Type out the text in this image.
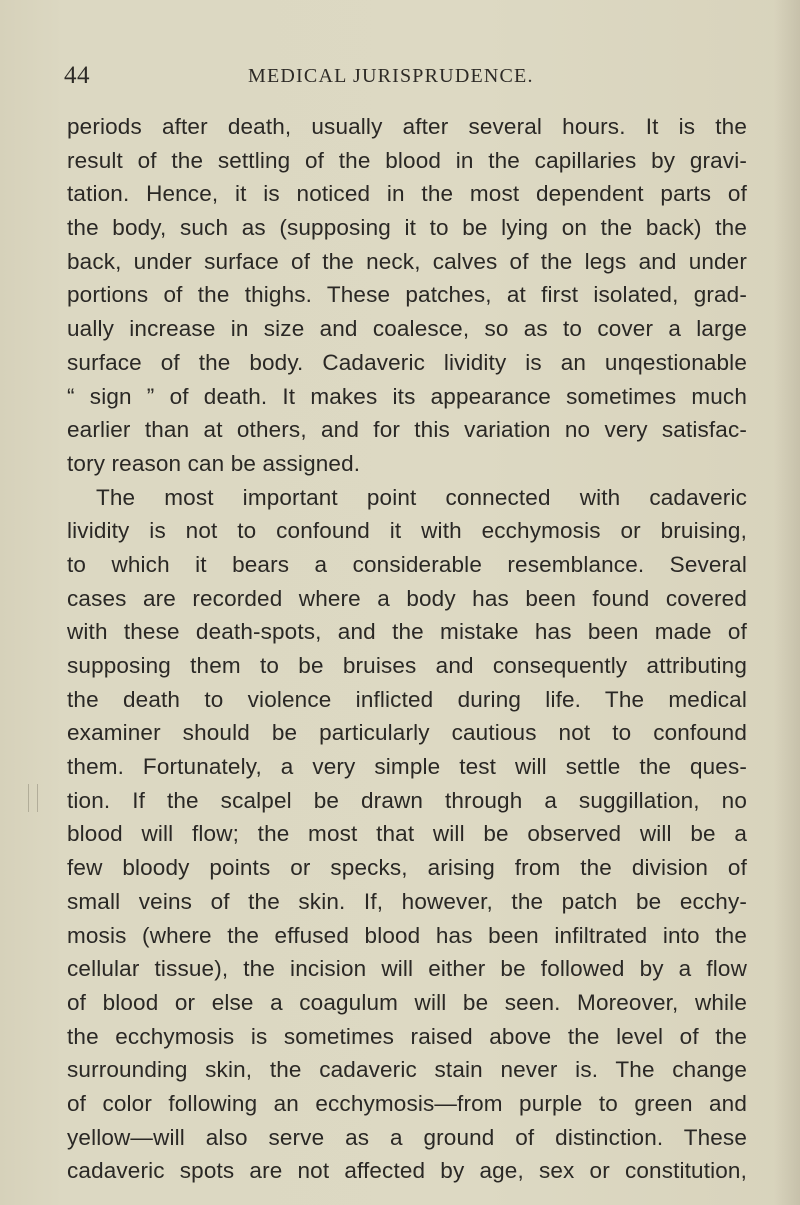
44	MEDICAL JURISPRUDENCE.
periods after death, usually after several hours. It is the
result of the settling of the blood in the capillaries by gravi-
tation. Hence, it is noticed in the most dependent parts of
the body, such as (supposing it to be lying on the back) the
back, under surface of the neck, calves of the legs and under
portions of the thighs. These patches, at first isolated, grad-
ually increase in size and coalesce, so as to cover a large
surface of the body. Cadaveric lividity is an unqestionable
“ sign ” of death. It makes its appearance sometimes much
earlier than at others, and for this variation no very satisfac-
tory reason can be assigned.
The most important point connected with cadaveric
lividity is not to confound it with ecchymosis or bruising,
to which it bears a considerable resemblance. Several
cases are recorded where a body has been found covered
with these death-spots, and the mistake has been made of
supposing them to be bruises and consequently attributing
the death to violence inflicted during life. The medical
examiner should be particularly cautious not to confound
them. Fortunately, a very simple test will settle the ques-
tion. If the scalpel be drawn through a suggillation, no
blood will flow; the most that will be observed will be a
few bloody points or specks, arising from the division of
small veins of the skin. If, however, the patch be ecchy-
mosis (where the effused blood has been infiltrated into the
cellular tissue), the incision will either be followed by a flow
of blood or else a coagulum will be seen. Moreover, while
the ecchymosis is sometimes raised above the level of the
surrounding skin, the cadaveric stain never is. The change
of color following an ecchymosis—from purple to green and
yellow—will also serve as a ground of distinction. These
cadaveric spots are not affected by age, sex or constitution,
